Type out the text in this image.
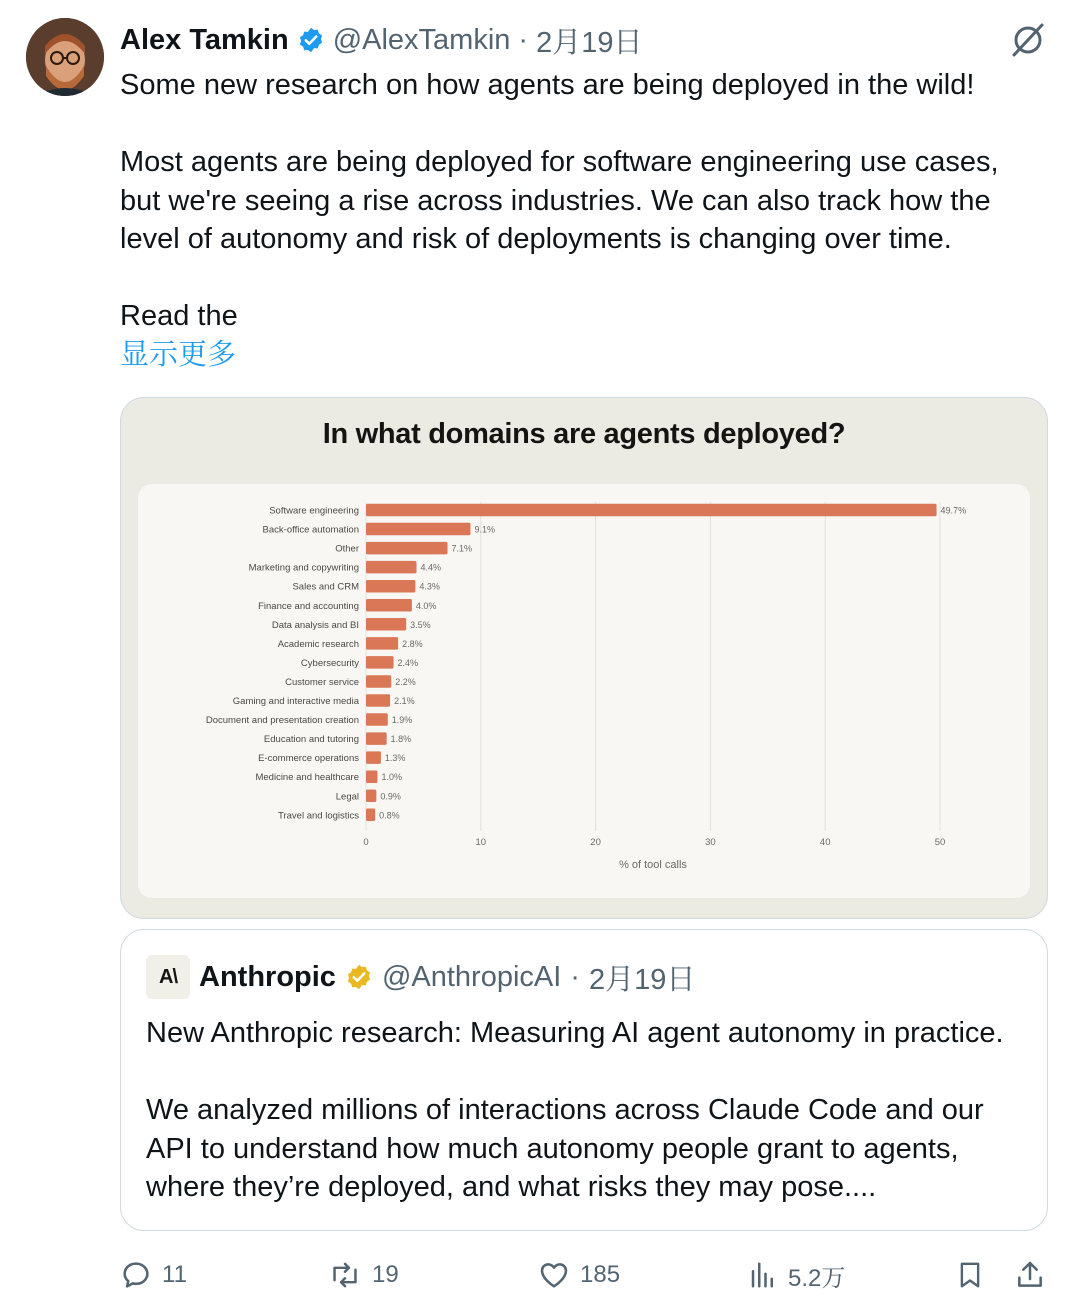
Alex Tamkin @AlexTamkin · 2月19日

Some new research on how agents are being deployed in the wild!

Most agents are being deployed for software engineering use cases, but we're seeing a rise across industries. We can also track how the level of autonomy and risk of deployments is changing over time.

Read the

显示更多

In what domains are agents deployed?
0	10	20	30	40	50
Software engineering	49.7%
Back-office automation	9.1%
Other	7.1%
Marketing and copywriting	4.4%
Sales and CRM	4.3%
Finance and accounting	4.0%
Data analysis and BI	3.5%
Academic research	2.8%
Cybersecurity	2.4%
Customer service	2.2%
Gaming and interactive media	2.1%
Document and presentation creation	1.9%
Education and tutoring	1.8%
E-commerce operations	1.3%
Medicine and healthcare 1.0%
Legal 0.9%
Travel and logistics 0.8%
% of tool calls
A\ Anthropic @AnthropicAI · 2月19日

New Anthropic research: Measuring AI agent autonomy in practice.

We analyzed millions of interactions across Claude Code and our API to understand how much autonomy people grant to agents, where they’re deployed, and what risks they may pose....

11	19	185	5.2万
